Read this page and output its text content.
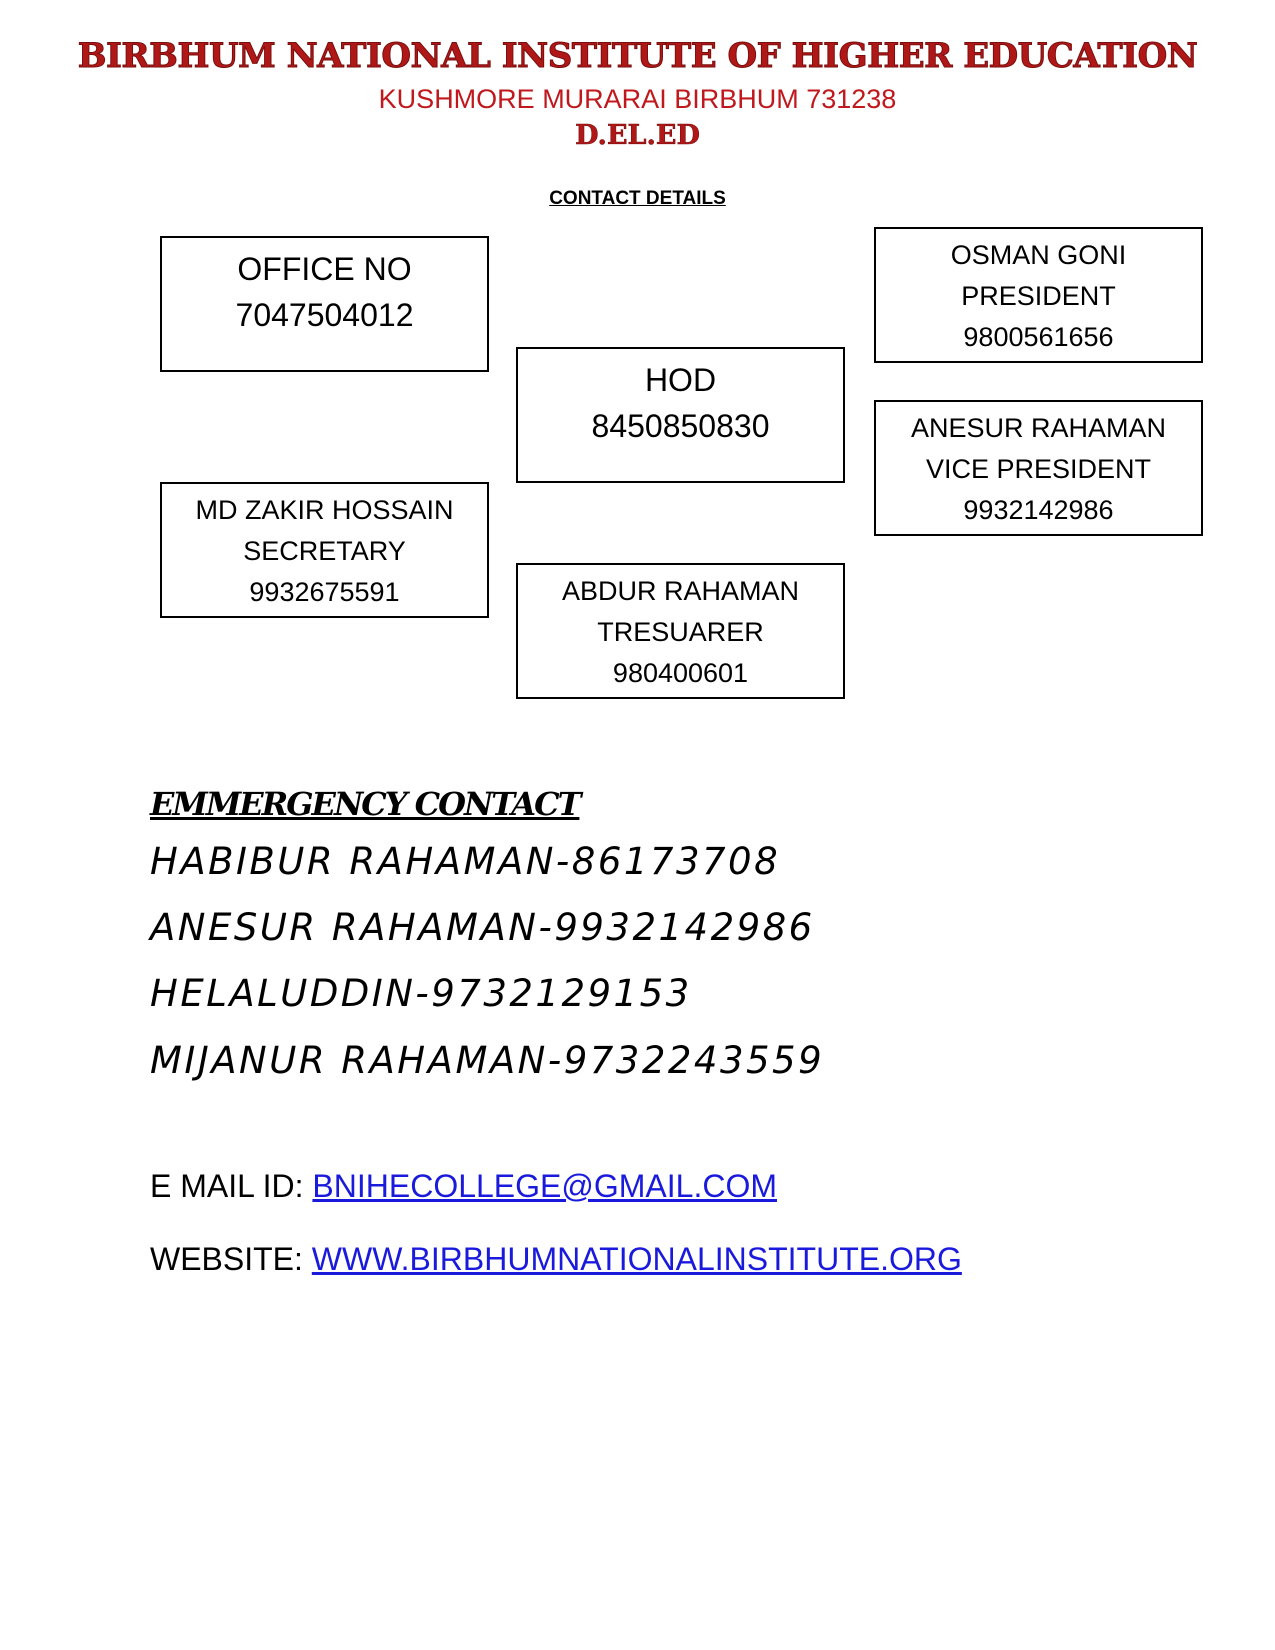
BIRBHUM NATIONAL INSTITUTE OF HIGHER EDUCATION
KUSHMORE MURARAI BIRBHUM 731238
D.EL.ED
CONTACT DETAILS
OFFICE NO
7047504012
HOD
8450850830
OSMAN GONI
PRESIDENT
9800561656
ANESUR RAHAMAN
VICE PRESIDENT
9932142986
MD ZAKIR HOSSAIN
SECRETARY
9932675591	ABDUR RAHAMAN
TRESUARER
980400601
EMMERGENCY CONTACT
HABIBUR RAHAMAN-86173708
ANESUR RAHAMAN-9932142986
HELALUDDIN-9732129153
MIJANUR RAHAMAN-9732243559
E MAIL ID: BNIHECOLLEGE@GMAIL.COM
WEBSITE: WWW.BIRBHUMNATIONALINSTITUTE.ORG
